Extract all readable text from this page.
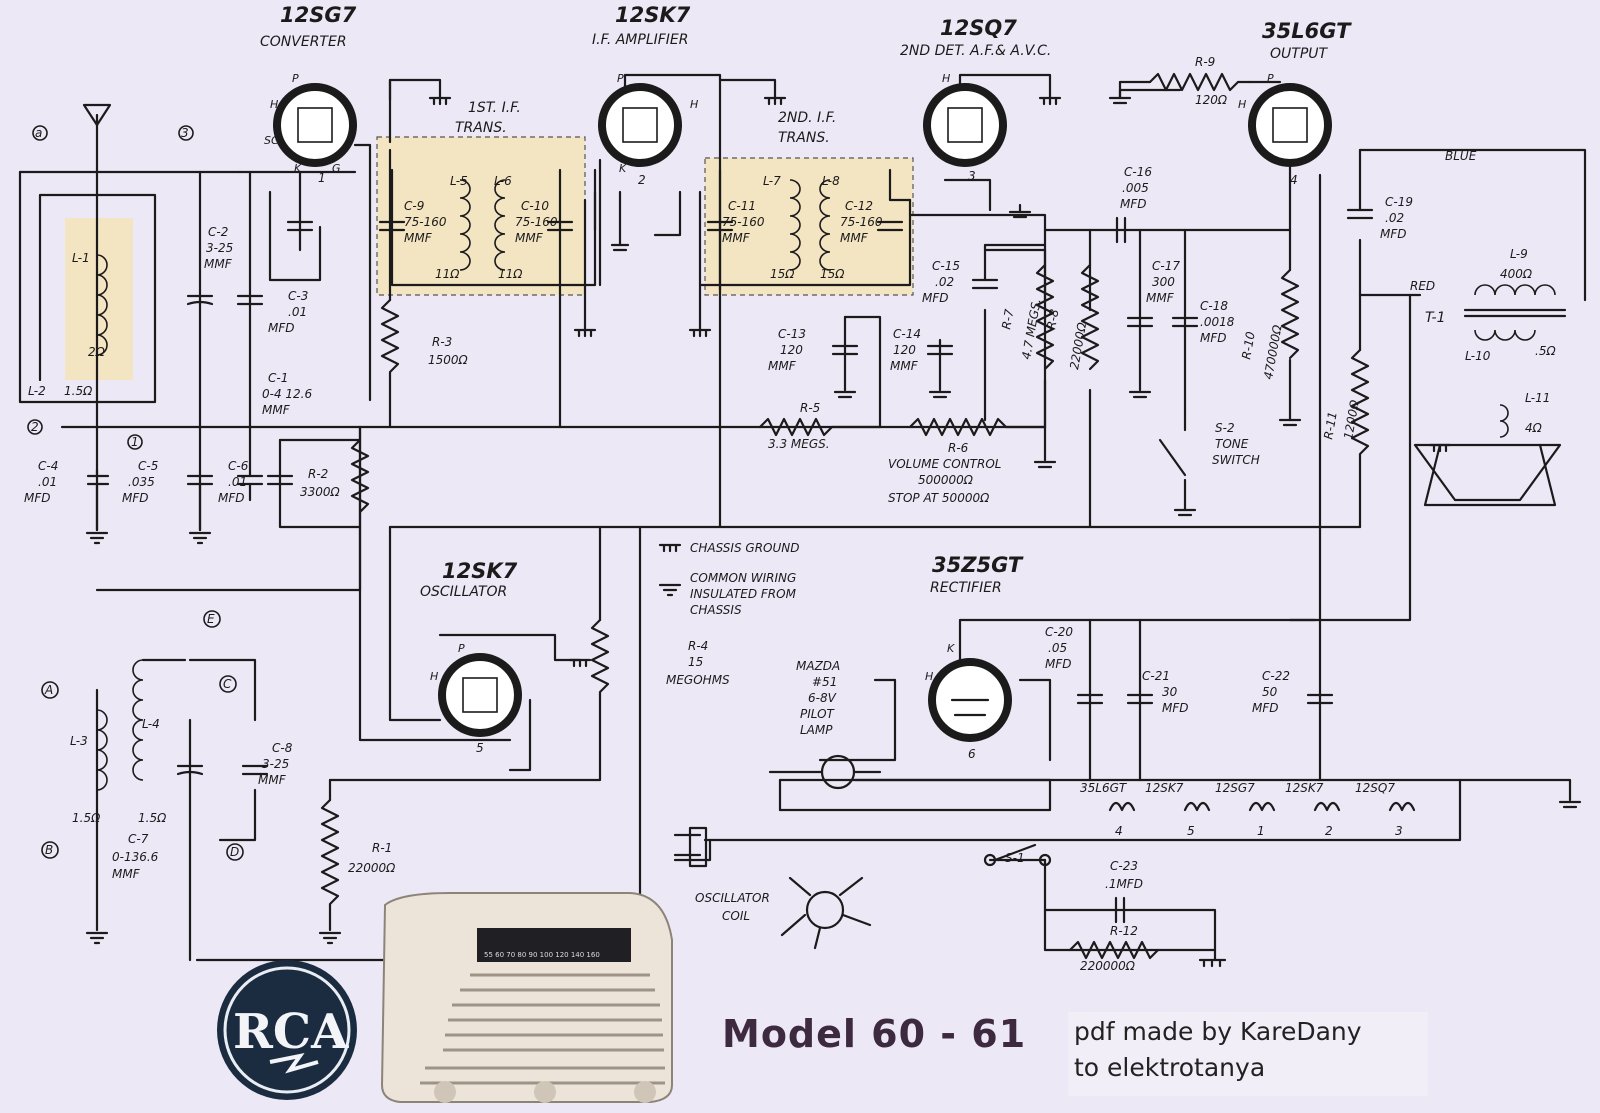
a	3
2
1
A
B
E
C
D
12SG7
CONVERTER
12SK7
I.F. AMPLIFIER	12SQ7
2ND DET. A.F.& A.V.C.
35L6GT
OUTPUT
12SK7
OSCILLATOR
35Z5GT
RECTIFIER
1ST. I.F.
TRANS.
2ND. I.F.
TRANS.
C-9
75-160
MMF
C-10
75-160
MMF
C-11
75-160
MMF
C-12
75-160
MMF
L-5 L-6	L-7	L-8
11Ω	11Ω	15Ω 15Ω
L-1
2Ω
L-2 1.5Ω
C-2
3-25
MMF
C-3
.01
MFD
C-1
0-4 12.6
MMF
C-4
.01
MFD
C-5
.035
MFD
C-6
.01
MFD
R-2
3300Ω
R-3
1500Ω
C-13
120
MMF
C-14
120
MMF
C-15
.02
MFD
R-5
3.3 MEGS.	R-6
VOLUME CONTROL
500000Ω
STOP AT 50000Ω
R-7 4.7 MEGS. R-8
22000Ω
C-16
.005
MFD
C-17
300
MMF
C-18
.0018
MFD
R-9
120Ω
R-10 470000Ω
R-11 1200Ω
C-19
.02
MFD
BLUE
RED
T-1
L-9
400Ω
L-10	.5Ω
L-11
4Ω
S-2
TONE
SWITCH
CHASSIS GROUND
COMMON WIRING
INSULATED FROM
CHASSIS
R-4
15
MEGOHMS
L-3
1.5Ω
L-4
1.5Ω
C-7
0-136.6
MMF
C-8
3-25
MMF
R-1
22000Ω
MAZDA
#51
6-8V
PILOT
LAMP
C-20
.05
MFD
C-21
30
MFD
C-22
50
MFD
C-23
.1MFD
R-12
220000Ω
S-1
OSCILLATOR
COIL
35L6GT 12SK7	12SG7	12SK7	12SQ7
4	5	1	2	3
1	2	3	4
5	6
RCA
55 60 70 80 90 100 120 140 160
P
H
SG
K	G
P
H
K
H	P
H
P
H
K
H
Model 60 - 61 pdf made by KareDany
to elektrotanya
